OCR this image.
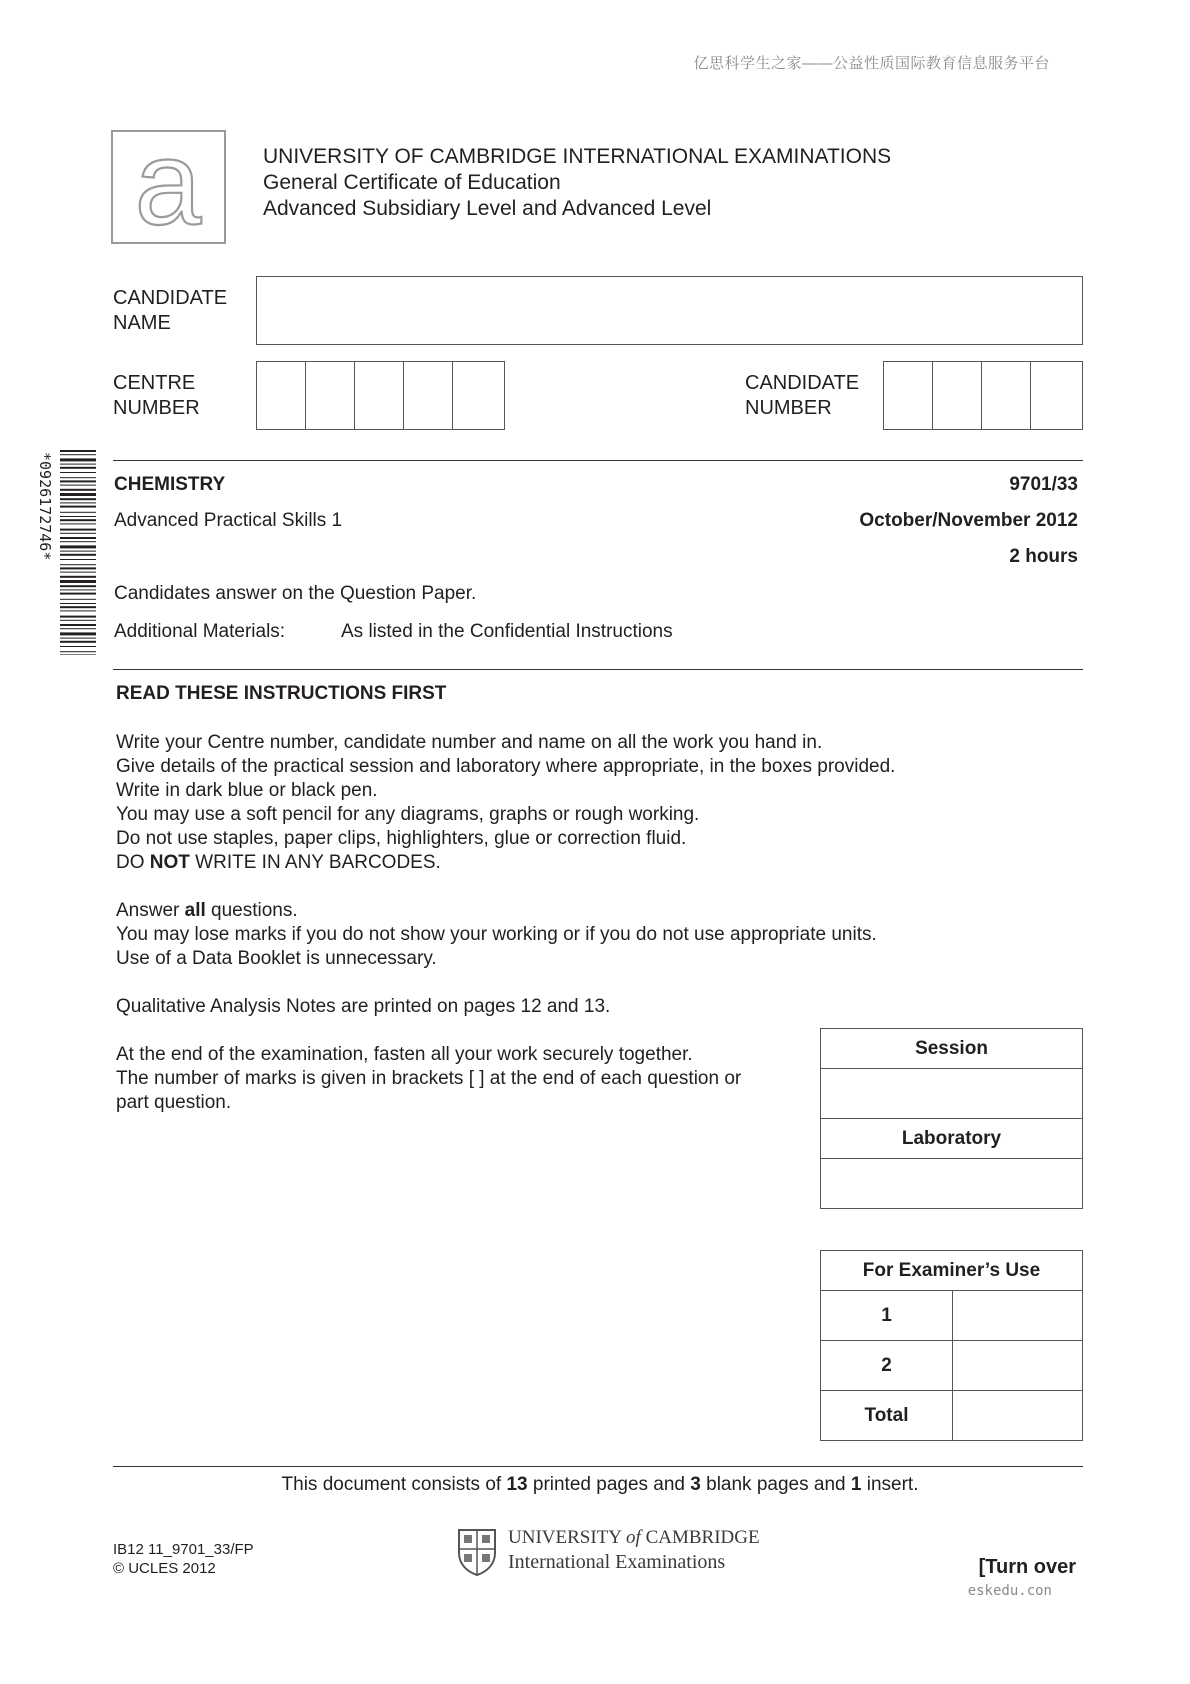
亿思科学生之家——公益性质国际教育信息服务平台
a	UNIVERSITY OF CAMBRIDGE INTERNATIONAL EXAMINATIONS
General Certificate of Education
Advanced Subsidiary Level and Advanced Level
CANDIDATE
NAME
CENTRE
NUMBER
CANDIDATE
NUMBER
*0926172746*	CHEMISTRY	9701/33
Advanced Practical Skills 1	October/November 2012
2 hours
Candidates answer on the Question Paper.
Additional Materials:	As listed in the Confidential Instructions
READ THESE INSTRUCTIONS FIRST

Write your Centre number, candidate number and name on all the work you hand in.

Give details of the practical session and laboratory where appropriate, in the boxes provided.

Write in dark blue or black pen.

You may use a soft pencil for any diagrams, graphs or rough working.

Do not use staples, paper clips, highlighters, glue or correction fluid.

DO NOT WRITE IN ANY BARCODES.

Answer all questions.

You may lose marks if you do not show your working or if you do not use appropriate units.

Use of a Data Booklet is unnecessary.

Qualitative Analysis Notes are printed on pages 12 and 13.

At the end of the examination, fasten all your work securely together.

The number of marks is given in brackets [ ] at the end of each question or

part question.

Session

Laboratory

For Examiner’s Use	
1	
2	
Total	
This document consists of 13 printed pages and 3 blank pages and 1 insert.
IB12 11_9701_33/FP
© UCLES 2012
UNIVERSITY of CAMBRIDGE
International Examinations	[Turn over
eskedu.con
